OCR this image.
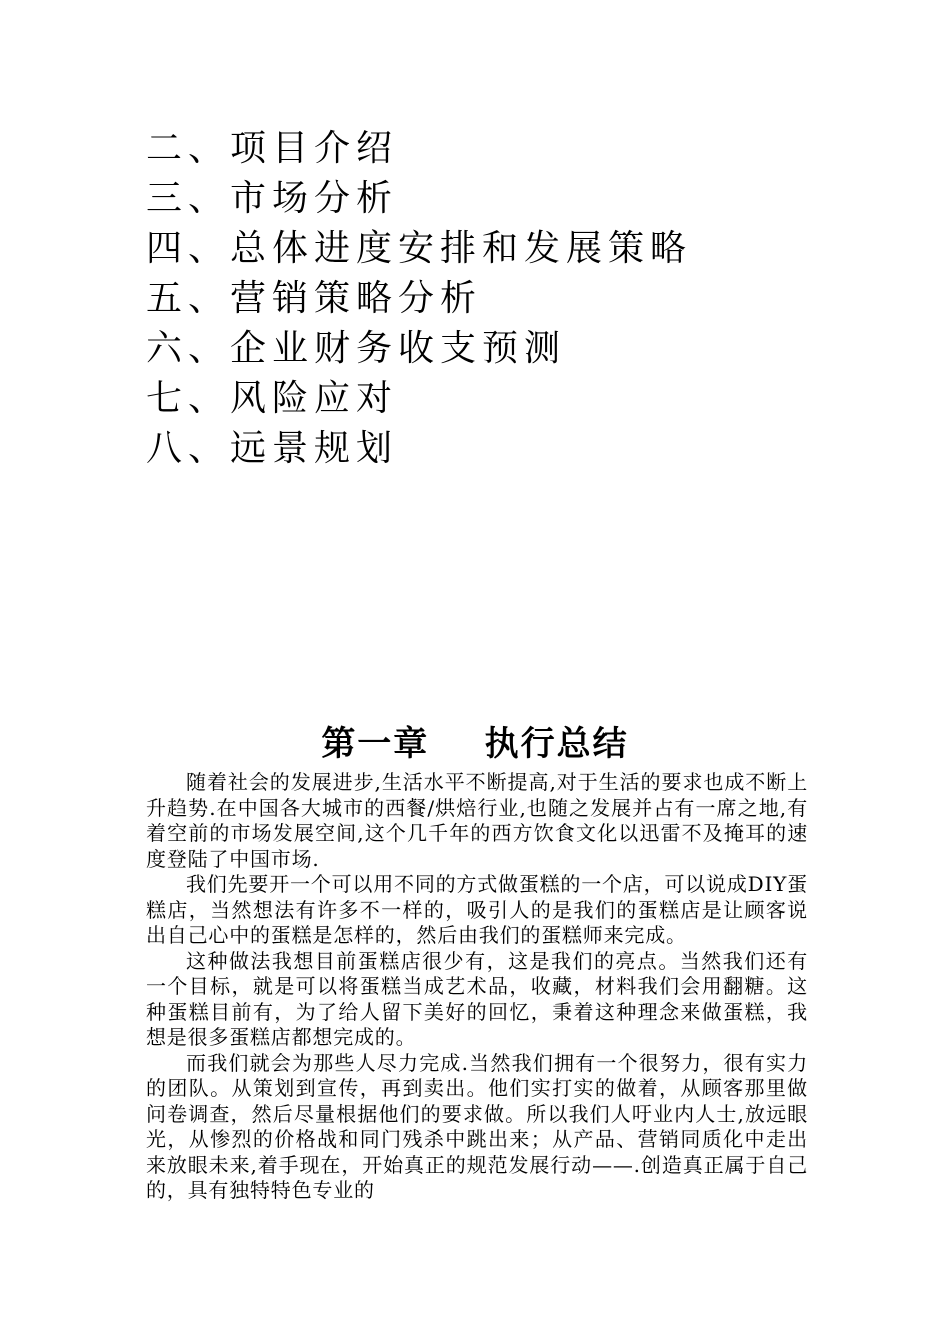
二、项目介绍
三、市场分析
四、总体进度安排和发展策略
五、营销策略分析
六、企业财务收支预测
七、风险应对
八、远景规划
第一章    执行总结

随着社会的发展进步,生活水平不断提高,对于生活的要求也成不断上升趋势.在中国各大城市的西餐/烘焙行业,也随之发展并占有一席之地,有着空前的市场发展空间,这个几千年的西方饮食文化以迅雷不及掩耳的速度登陆了中国市场.

我们先要开一个可以用不同的方式做蛋糕的一个店，可以说成DIY蛋糕店，当然想法有许多不一样的，吸引人的是我们的蛋糕店是让顾客说出自己心中的蛋糕是怎样的，然后由我们的蛋糕师来完成。

这种做法我想目前蛋糕店很少有，这是我们的亮点。当然我们还有一个目标，就是可以将蛋糕当成艺术品，收藏，材料我们会用翻糖。这种蛋糕目前有，为了给人留下美好的回忆，秉着这种理念来做蛋糕，我想是很多蛋糕店都想完成的。

而我们就会为那些人尽力完成.当然我们拥有一个很努力，很有实力的团队。从策划到宣传，再到卖出。他们实打实的做着，从顾客那里做问卷调查，然后尽量根据他们的要求做。所以我们人吁业内人士,放远眼光，从惨烈的价格战和同门残杀中跳出来；从产品、营销同质化中走出来放眼未来,着手现在，开始真正的规范发展行动——.创造真正属于自己的，具有独特特色专业的
